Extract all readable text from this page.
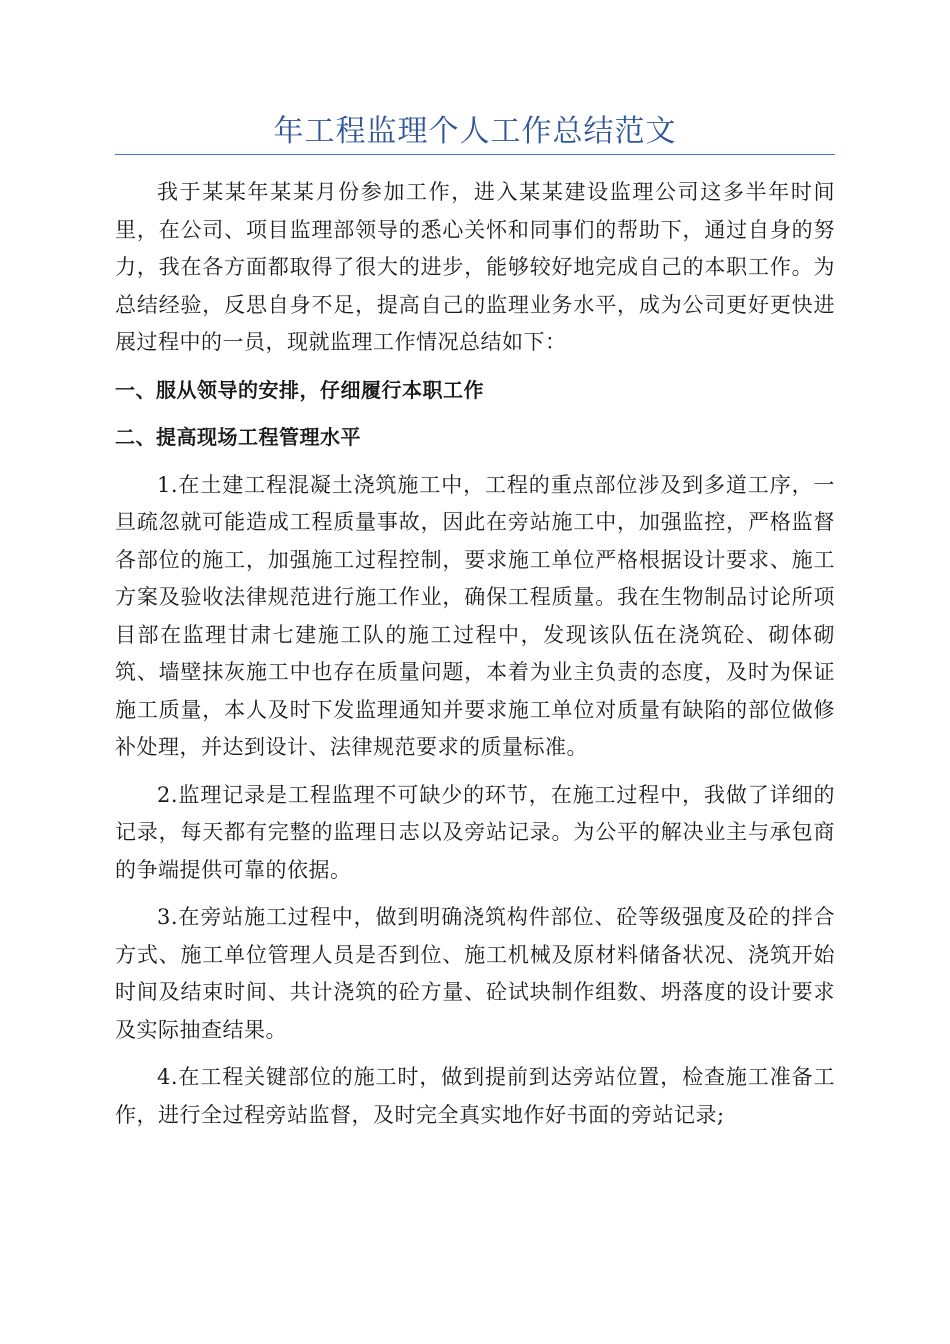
年工程监理个人工作总结范文

我于某某年某某月份参加工作，进入某某建设监理公司这多半年时间里，在公司、项目监理部领导的悉心关怀和同事们的帮助下，通过自身的努力，我在各方面都取得了很大的进步，能够较好地完成自己的本职工作。为总结经验，反思自身不足，提高自己的监理业务水平，成为公司更好更快进展过程中的一员，现就监理工作情况总结如下：

一、服从领导的安排，仔细履行本职工作

二、提高现场工程管理水平

1.在土建工程混凝土浇筑施工中，工程的重点部位涉及到多道工序，一旦疏忽就可能造成工程质量事故，因此在旁站施工中，加强监控，严格监督各部位的施工，加强施工过程控制，要求施工单位严格根据设计要求、施工方案及验收法律规范进行施工作业，确保工程质量。我在生物制品讨论所项目部在监理甘肃七建施工队的施工过程中，发现该队伍在浇筑砼、砌体砌筑、墙壁抹灰施工中也存在质量问题，本着为业主负责的态度，及时为保证施工质量，本人及时下发监理通知并要求施工单位对质量有缺陷的部位做修补处理，并达到设计、法律规范要求的质量标准。

2.监理记录是工程监理不可缺少的环节，在施工过程中，我做了详细的记录，每天都有完整的监理日志以及旁站记录。为公平的解决业主与承包商的争端提供可靠的依据。

3.在旁站施工过程中，做到明确浇筑构件部位、砼等级强度及砼的拌合方式、施工单位管理人员是否到位、施工机械及原材料储备状况、浇筑开始时间及结束时间、共计浇筑的砼方量、砼试块制作组数、坍落度的设计要求及实际抽查结果。

4.在工程关键部位的施工时，做到提前到达旁站位置，检查施工准备工作，进行全过程旁站监督，及时完全真实地作好书面的旁站记录;
